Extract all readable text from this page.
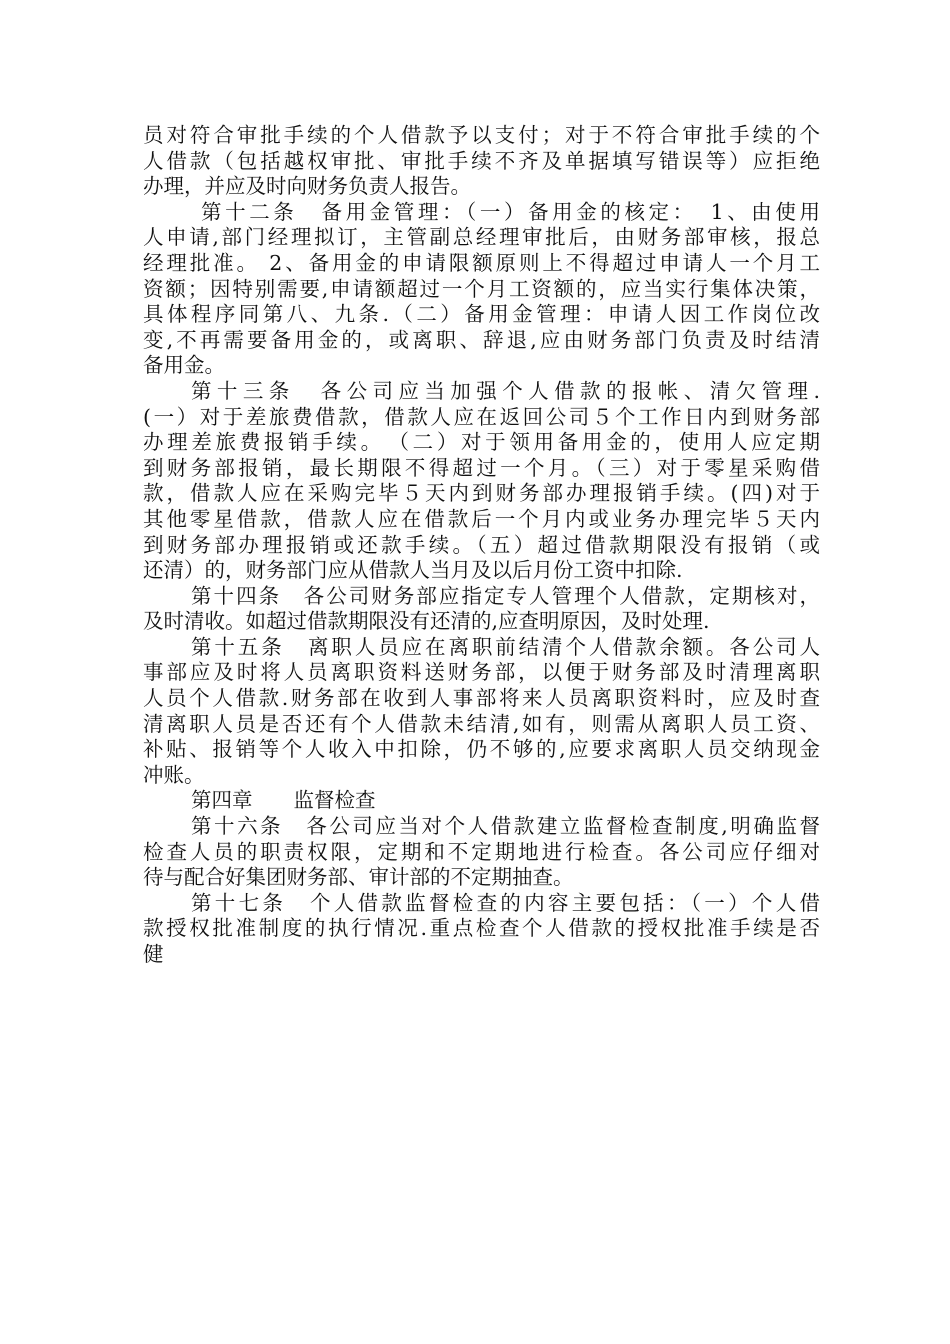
员对符合审批手续的个人借款予以支付；对于不符合审批手续的个
人借款（包括越权审批、审批手续不齐及单据填写错误等）应拒绝
办理，并应及时向财务负责人报告。
第十二条　备用金管理：（一）备用金的核定：　1、由使用
人申请,部门经理拟订，主管副总经理审批后，由财务部审核，报总
经理批准。 2、备用金的申请限额原则上不得超过申请人一个月工
资额；因特别需要,申请额超过一个月工资额的，应当实行集体决策，
具体程序同第八、九条.（二）备用金管理：申请人因工作岗位改
变,不再需要备用金的，或离职、辞退,应由财务部门负责及时结清
备用金。
第十三条　各公司应当加强个人借款的报帐、清欠管理.
(一）对于差旅费借款，借款人应在返回公司５个工作日内到财务部
办理差旅费报销手续。　（二）对于领用备用金的，使用人应定期
到财务部报销，最长期限不得超过一个月。（三）对于零星采购借
款，借款人应在采购完毕５天内到财务部办理报销手续。(四)对于
其他零星借款，借款人应在借款后一个月内或业务办理完毕５天内
到财务部办理报销或还款手续。（五）超过借款期限没有报销（或
还清）的，财务部门应从借款人当月及以后月份工资中扣除.
第十四条　各公司财务部应指定专人管理个人借款，定期核对，
及时清收。如超过借款期限没有还清的,应查明原因，及时处理.
第十五条　离职人员应在离职前结清个人借款余额。各公司人
事部应及时将人员离职资料送财务部，以便于财务部及时清理离职
人员个人借款.财务部在收到人事部将来人员离职资料时，应及时查
清离职人员是否还有个人借款未结清,如有，则需从离职人员工资、
补贴、报销等个人收入中扣除，仍不够的,应要求离职人员交纳现金
冲账。
第四章　　监督检查
第十六条　各公司应当对个人借款建立监督检查制度,明确监督
检查人员的职责权限，定期和不定期地进行检查。各公司应仔细对
待与配合好集团财务部、审计部的不定期抽查。
第十七条　个人借款监督检查的内容主要包括：（一）个人借
款授权批准制度的执行情况.重点检查个人借款的授权批准手续是否
健
